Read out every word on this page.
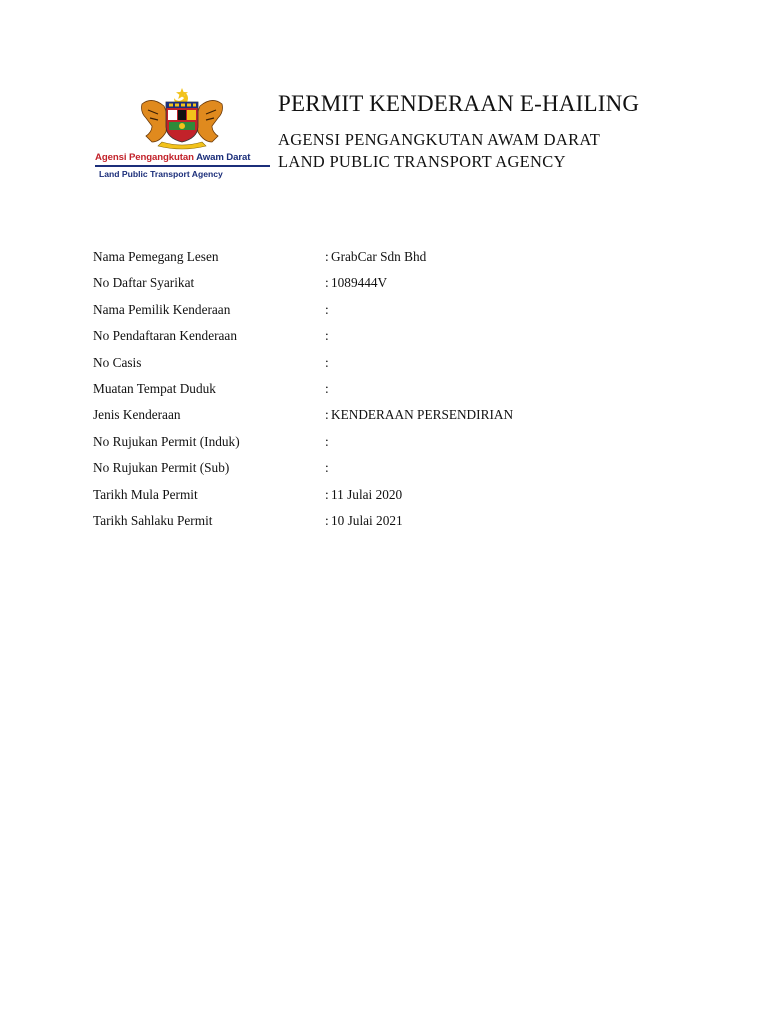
Agensi Pengangkutan Awam Darat
Land Public Transport Agency
PERMIT KENDERAAN E-HAILING
AGENSI PENGANGKUTAN AWAM DARAT
LAND PUBLIC TRANSPORT AGENCY
Nama Pemegang Lesen	: GrabCar Sdn Bhd
No Daftar Syarikat	: 1089444V
Nama Pemilik Kenderaan	:
No Pendaftaran Kenderaan	:
No Casis	:
Muatan Tempat Duduk	:
Jenis Kenderaan	: KENDERAAN PERSENDIRIAN
No Rujukan Permit (Induk)	:
No Rujukan Permit (Sub)	:
Tarikh Mula Permit	: 11 Julai 2020
Tarikh Sahlaku Permit	: 10 Julai 2021
